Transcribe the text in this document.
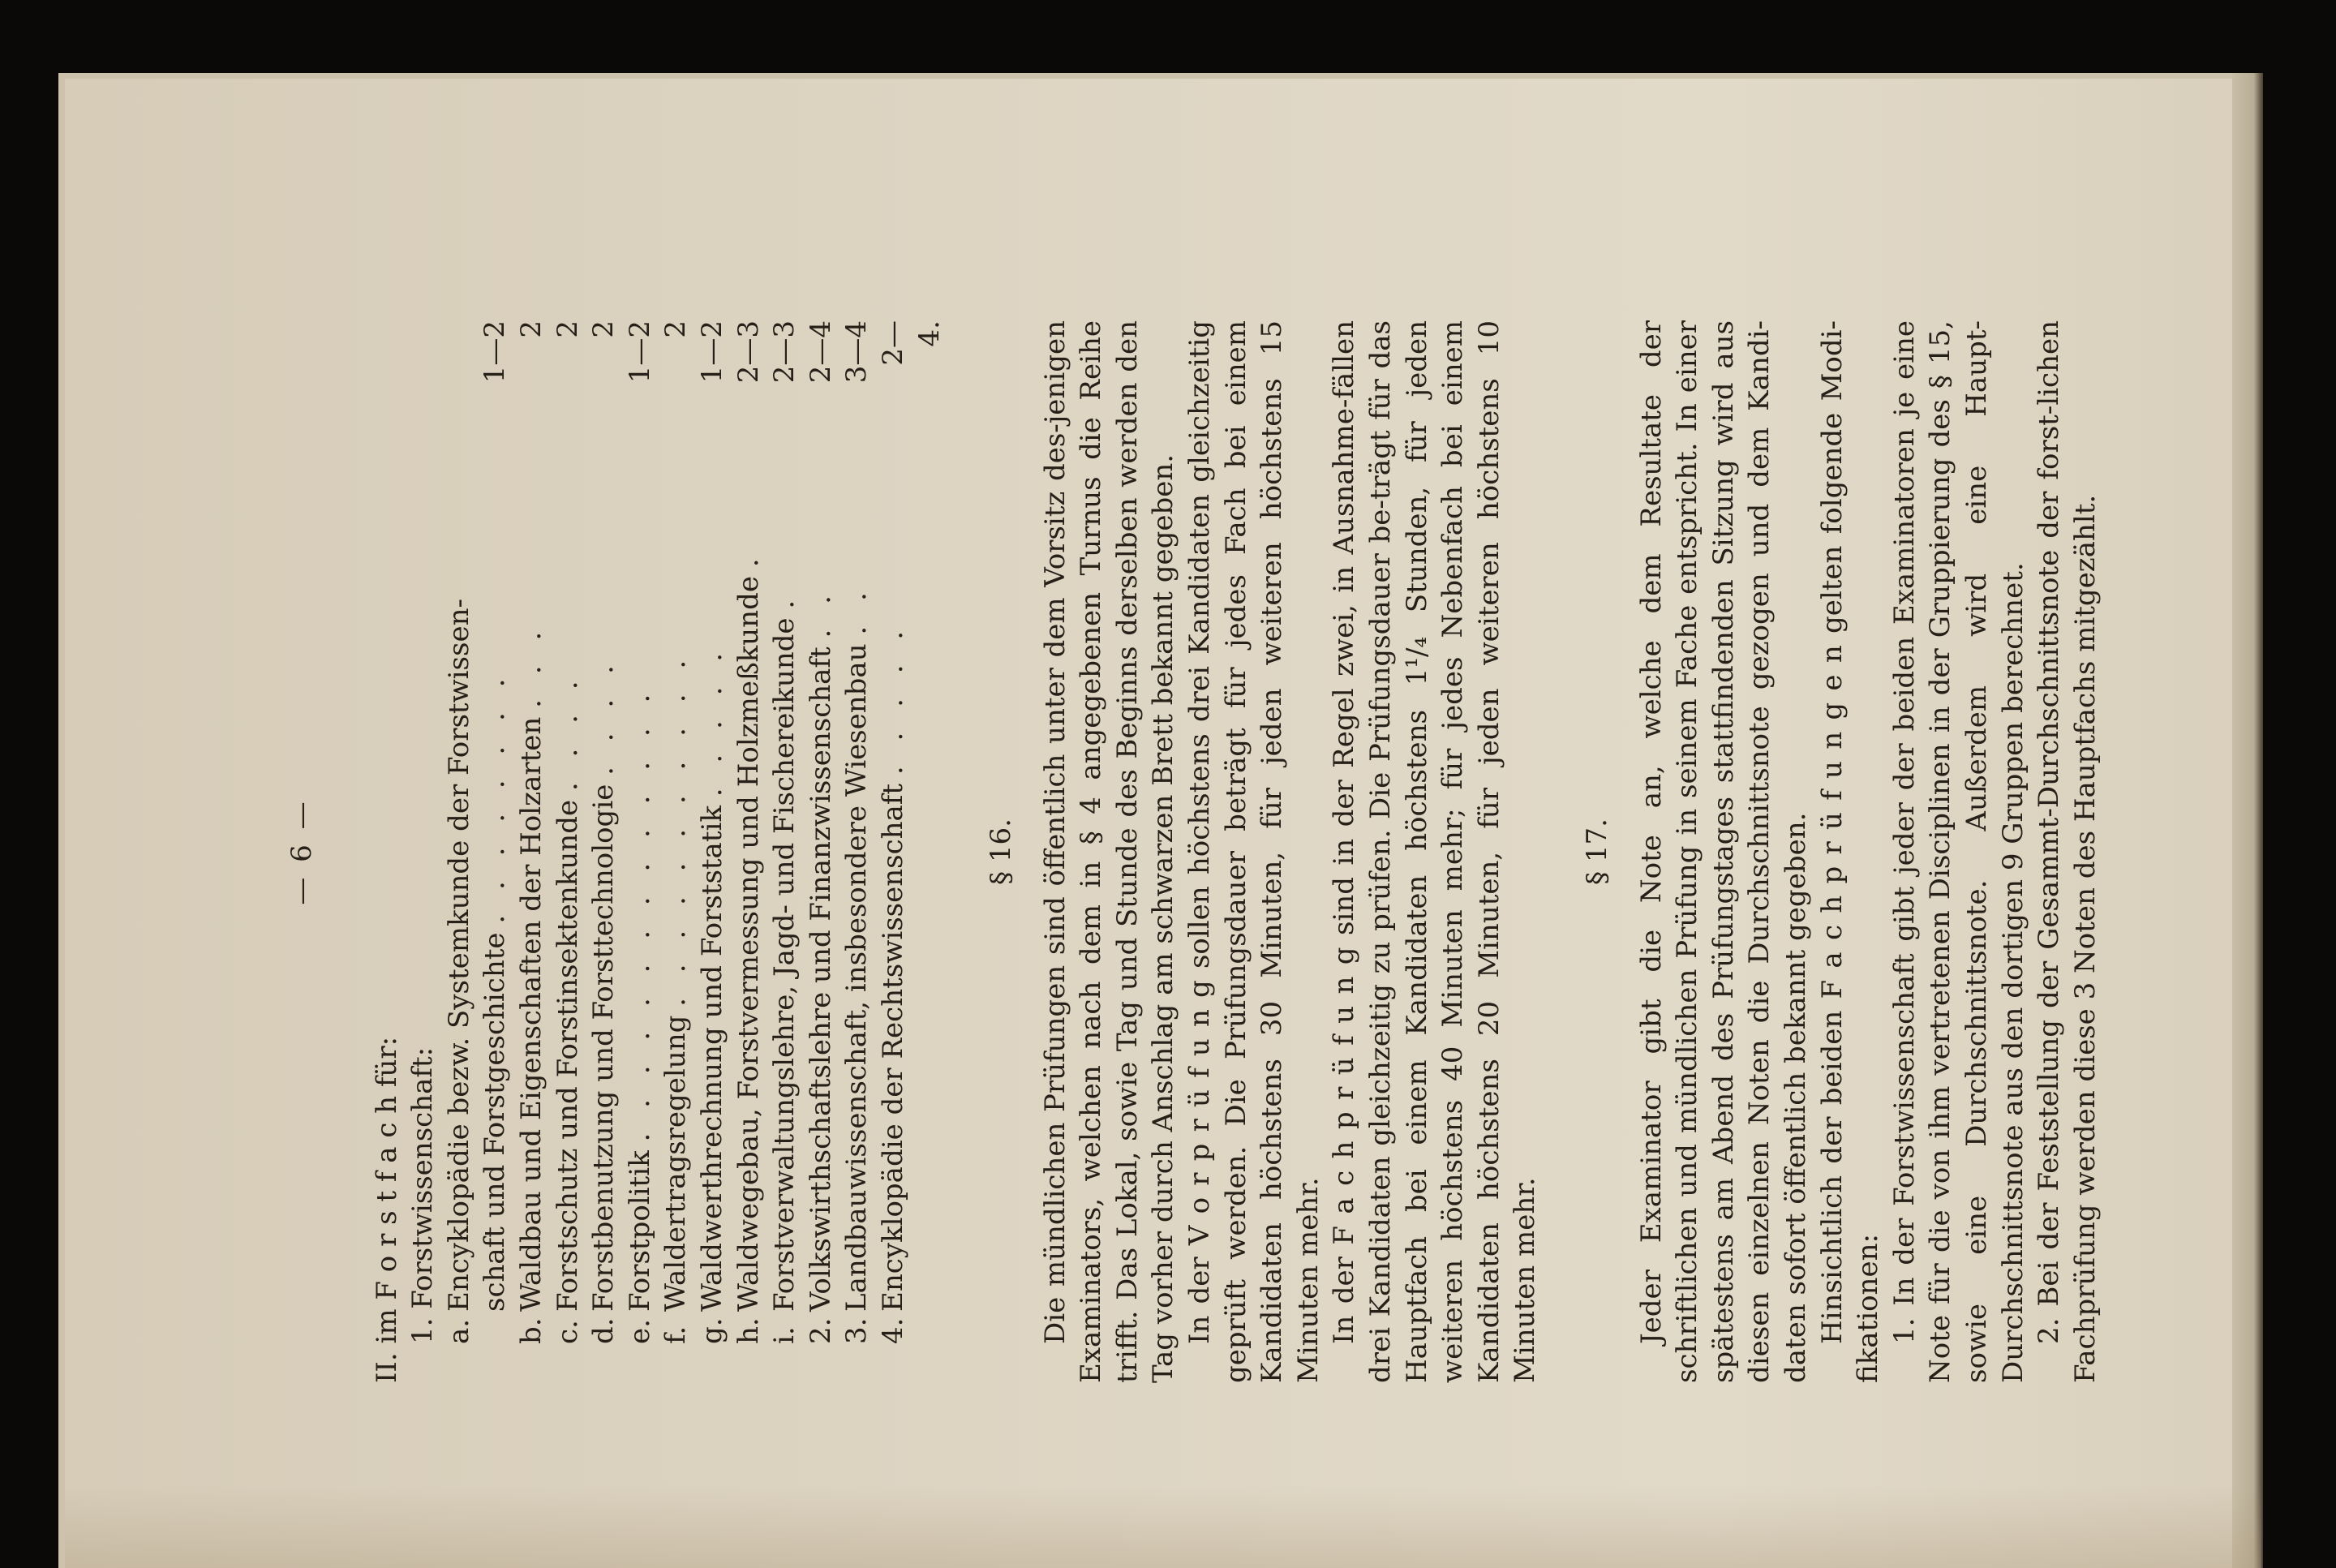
— 6 —

II. im F o r s t f a c h für: 1. Forstwissenschaft: a.
Encyklopädie bezw. Systemkunde der Forstwissen- schaft und Forstgeschichte . . . . . . . .
1—2
b.
Waldbau und Eigenschaften der Holzarten . . .
2
c.
Forstschutz und Forstinsektenkunde . . . .
2
d.
Forstbenutzung und Forsttechnologie . . . .
2
e.
Forstpolitik . . . . . . . . . . . . . .
1—2
f.
Waldertragsregelung . . . . . . . . . . .
2
g.
Waldwerthrechnung und Forststatik . . . . .
1—2
h.
Waldwegebau, Forstvermessung und Holzmeßkunde .
2—3
i.
Forstverwaltungslehre, Jagd- und Fischereikunde .
2—3
2.
Volkswirthschaftslehre und Finanzwissenschaft . .
2—4
3.
Landbauwissenschaft, insbesondere Wiesenbau . .
3—4
4.
Encyklopädie der Rechtswissenschaft . . . . .
2—4.
§ 16. Die mündlichen Prüfungen sind öffentlich unter dem Vorsitz des-jenigen Examinators, welchen nach dem in § 4 angegebenen Turnus die Reihe trifft. Das Lokal, sowie Tag und Stunde des Beginns derselben werden den Tag vorher durch Anschlag am schwarzen Brett bekannt gegeben. In der V o r p r ü f u n g sollen höchstens drei Kandidaten gleichzeitig geprüft werden. Die Prüfungsdauer beträgt für jedes Fach bei einem Kandidaten höchstens 30 Minuten, für jeden weiteren höchstens 15 Minuten mehr. In der F a c h p r ü f u n g sind in der Regel zwei, in Ausnahme-fällen drei Kandidaten gleichzeitig zu prüfen. Die Prüfungsdauer be-trägt für das Hauptfach bei einem Kandidaten höchstens 1¹/₄ Stunden, für jeden weiteren höchstens 40 Minuten mehr; für jedes Nebenfach bei einem Kandidaten höchstens 20 Minuten, für jeden weiteren höchstens 10 Minuten mehr.

§ 17. Jeder Examinator gibt die Note an, welche dem Resultate der schriftlichen und mündlichen Prüfung in seinem Fache entspricht. In einer spätestens am Abend des Prüfungstages stattfindenden Sitzung wird aus diesen einzelnen Noten die Durchschnittsnote gezogen und dem Kandi-daten sofort öffentlich bekannt gegeben. Hinsichtlich der beiden F a c h p r ü f u n g e n gelten folgende Modi-fikationen: 1. In der Forstwissenschaft gibt jeder der beiden Examinatoren je eine Note für die von ihm vertretenen Disciplinen in der Gruppierung des § 15, sowie eine Durchschnittsnote. Außerdem wird eine Haupt-Durchschnittsnote aus den dortigen 9 Gruppen berechnet. 2. Bei der Feststellung der Gesammt-Durchschnittsnote der forst-lichen Fachprüfung werden diese 3 Noten des Hauptfachs mitgezählt.
